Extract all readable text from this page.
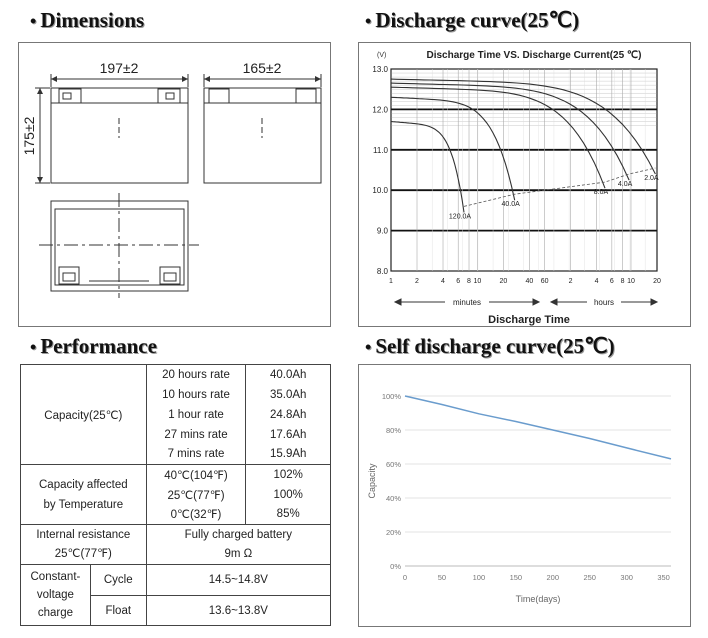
• Dimensions	• Discharge curve(25℃)
• Performance	• Self discharge curve(25℃)
197±2	165±2
175±2
(V)	Discharge Time VS. Discharge Current(25 ℃)
13.0
12.0
11.0
10.0
9.0
8.0
1	2	4 6 8 10	20	40 60	2	4 6 8 10	20
120.0A
40.0A
8.0A
4.0A
2.0A
minutes	hours
Discharge Time
Capacity(25℃)		20 hours rate	40.0Ah
		10 hours rate	35.0Ah
		1 hour rate	24.8Ah
		27 mins rate	17.6Ah
		7 mins rate	15.9Ah
Capacity affected
by Temperature		40℃(104℉)	102%
		25℃(77℉)	100%
		0℃(32℉)	85%
Internal resistance
25℃(77℉)		Fully charged battery
9m Ω	
Constant-
voltage
charge	Cycle	14.5~14.8V	
	Float	13.6~13.8V	
0%
20%
40%
60%
80%
100%
0	50	100	150	200	250	300	350
Capacity
Time(days)
